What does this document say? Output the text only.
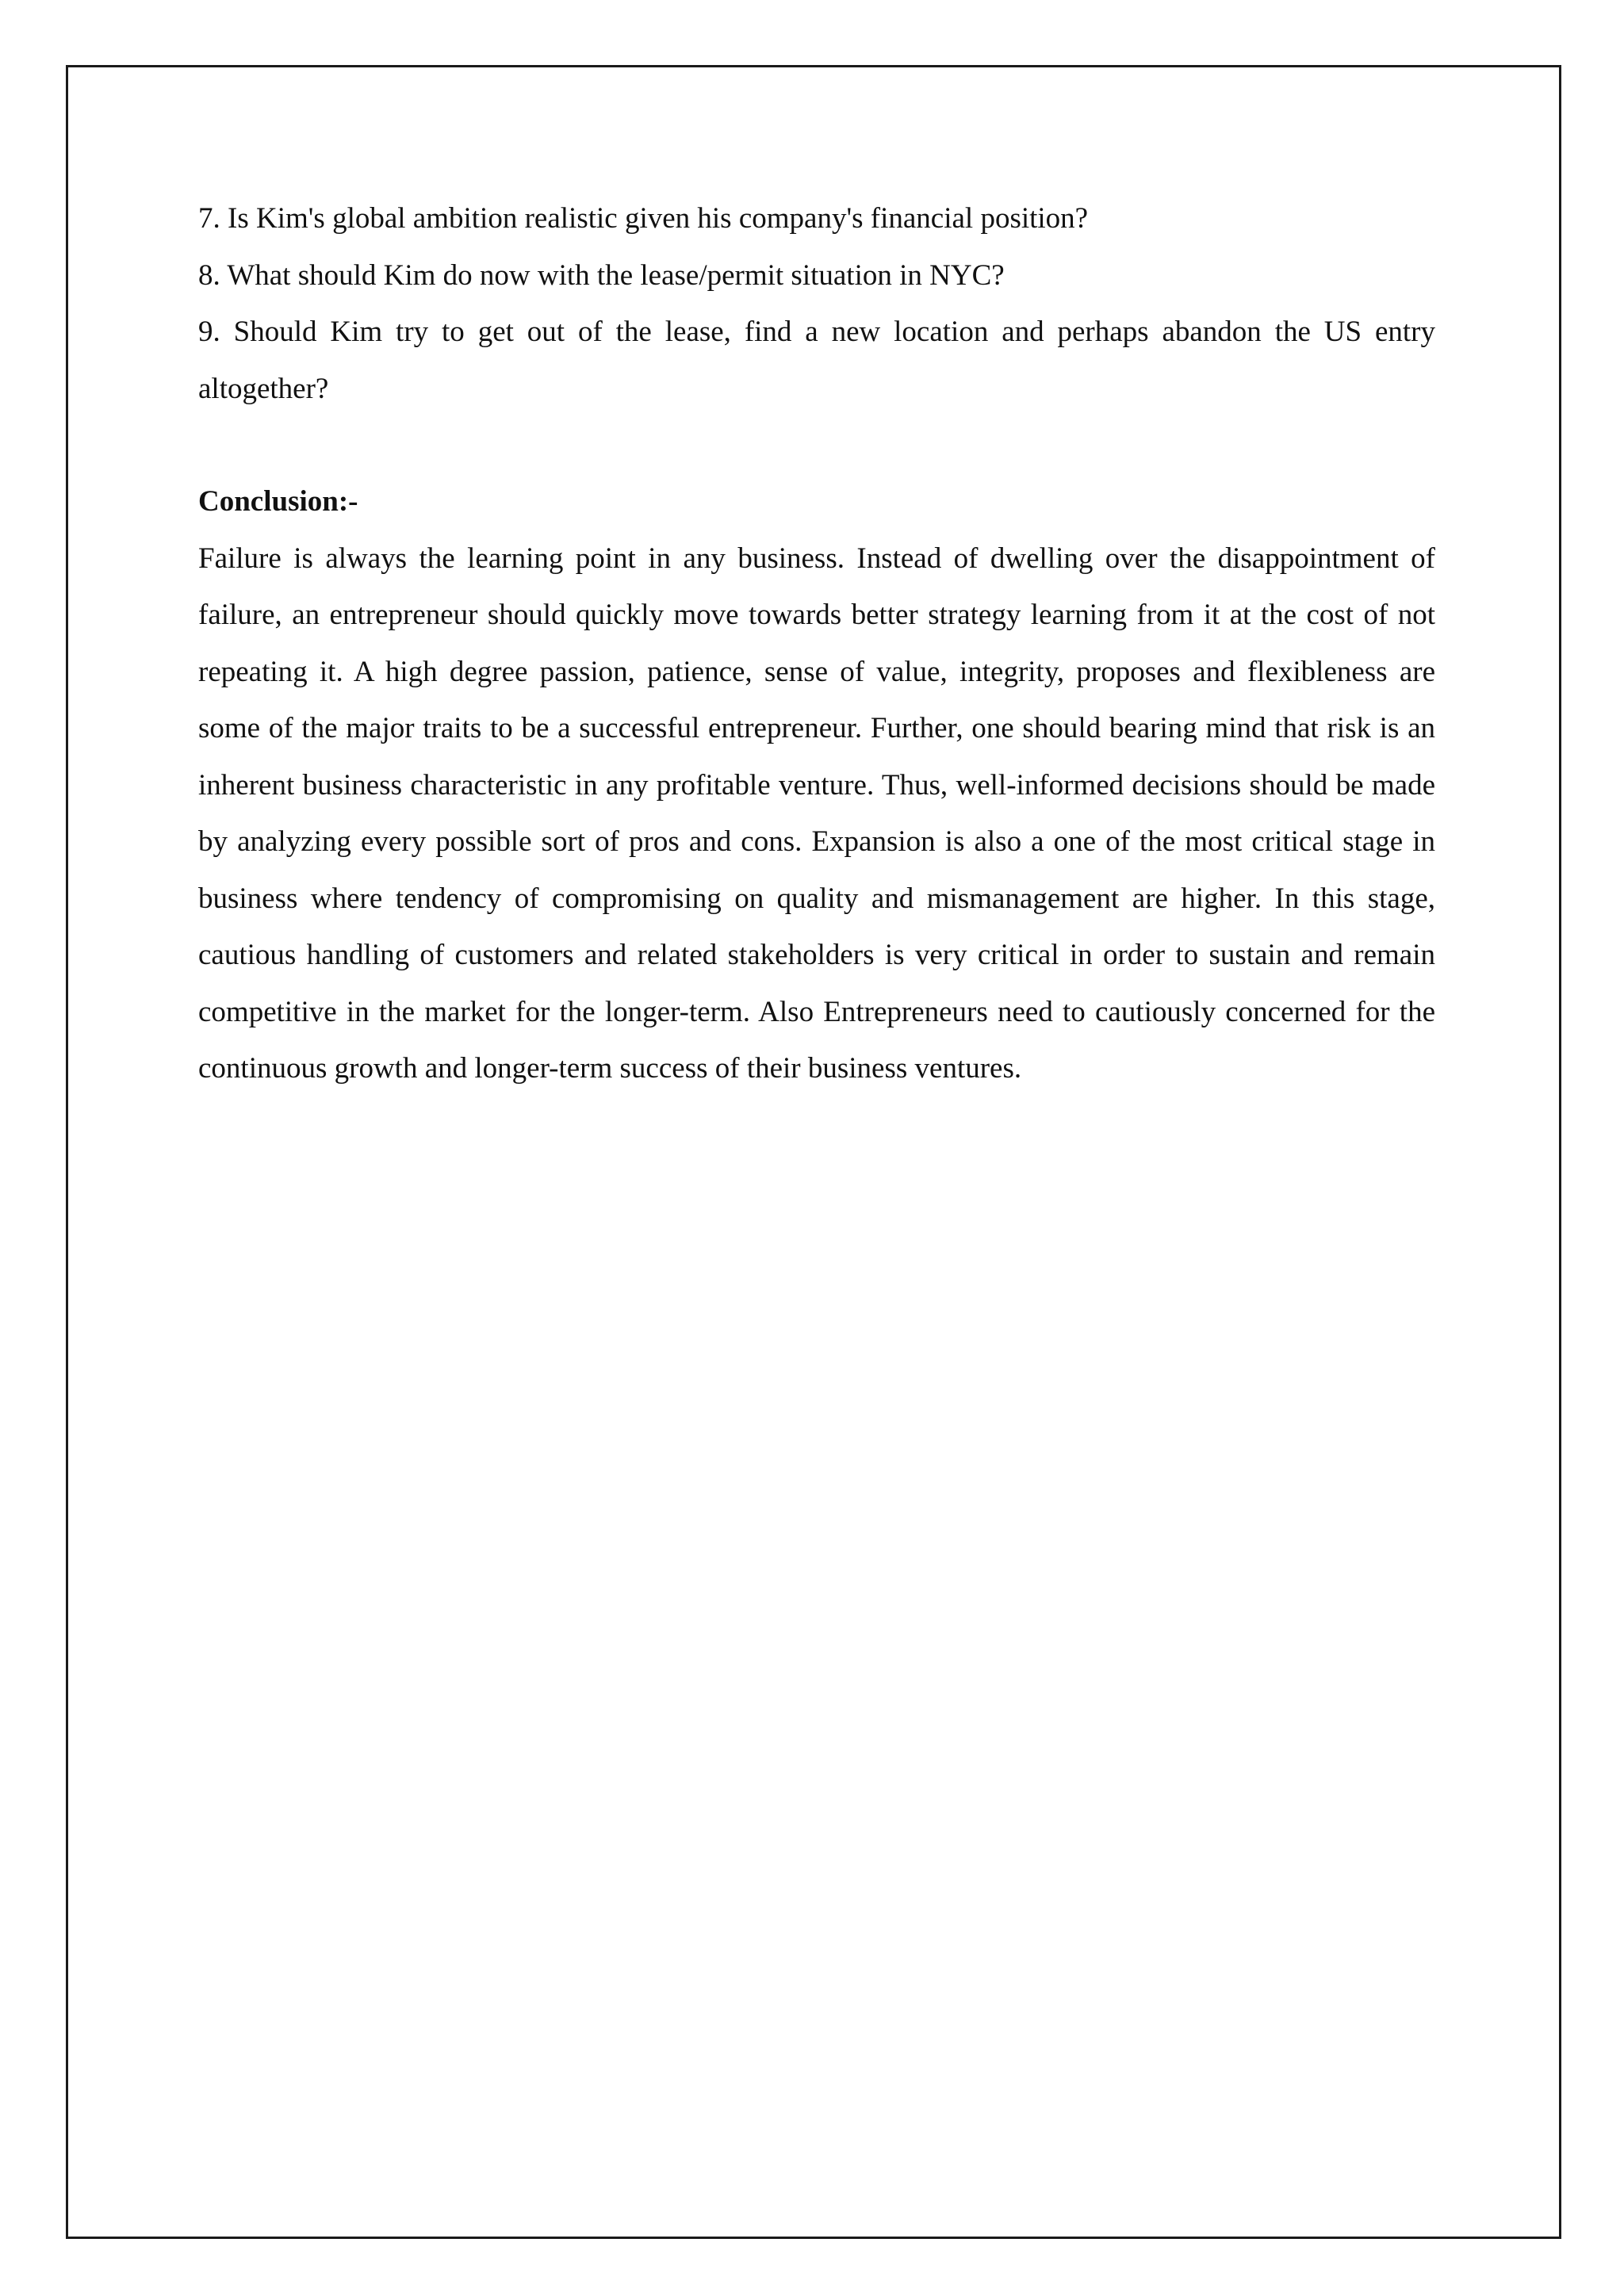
7. Is Kim's global ambition realistic given his company's financial position?

8. What should Kim do now with the lease/permit situation in NYC?

9. Should Kim try to get out of the lease, find a new location and perhaps abandon the US entry altogether?

Conclusion:-

Failure is always the learning point in any business. Instead of dwelling over the disappointment of failure, an entrepreneur should quickly move towards better strategy learning from it at the cost of not repeating it. A high degree passion, patience, sense of value, integrity, proposes and flexibleness are some of the major traits to be a successful entrepreneur. Further, one should bearing mind that risk is an inherent business characteristic in any profitable venture. Thus, well-informed decisions should be made by analyzing every possible sort of pros and cons. Expansion is also a one of the most critical stage in business where tendency of compromising on quality and mismanagement are higher. In this stage, cautious handling of customers and related stakeholders is very critical in order to sustain and remain competitive in the market for the longer-term. Also Entrepreneurs need to cautiously concerned for the continuous growth and longer-term success of their business ventures.
